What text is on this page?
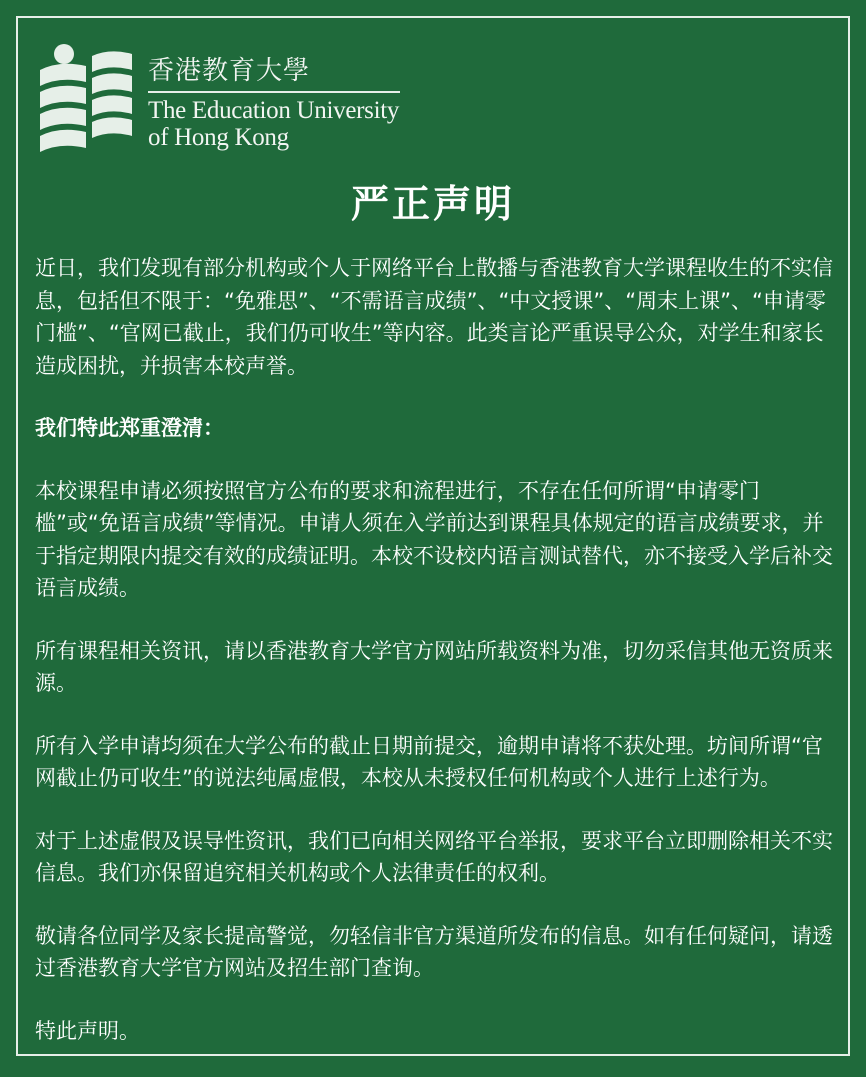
香港教育大學
The Education University
of Hong Kong
严正声明

近日，我们发现有部分机构或个人于网络平台上散播与香港教育大学课程收生的不实信息，包括但不限于：“免雅思”、“不需语言成绩”、“中文授课”、“周末上课”、“申请零门槛”、“官网已截止，我们仍可收生”等内容。此类言论严重误导公众，对学生和家长造成困扰，并损害本校声誉。

我们特此郑重澄清：

本校课程申请必须按照官方公布的要求和流程进行，不存在任何所谓“申请零门槛”或“免语言成绩”等情况。申请人须在入学前达到课程具体规定的语言成绩要求，并于指定期限内提交有效的成绩证明。本校不设校内语言测试替代，亦不接受入学后补交语言成绩。

所有课程相关资讯，请以香港教育大学官方网站所载资料为准，切勿采信其他无资质来源。

所有入学申请均须在大学公布的截止日期前提交，逾期申请将不获处理。坊间所谓“官网截止仍可收生”的说法纯属虚假，本校从未授权任何机构或个人进行上述行为。

对于上述虚假及误导性资讯，我们已向相关网络平台举报，要求平台立即删除相关不实信息。我们亦保留追究相关机构或个人法律责任的权利。

敬请各位同学及家长提高警觉，勿轻信非官方渠道所发布的信息。如有任何疑问，请透过香港教育大学官方网站及招生部门查询。

特此声明。
